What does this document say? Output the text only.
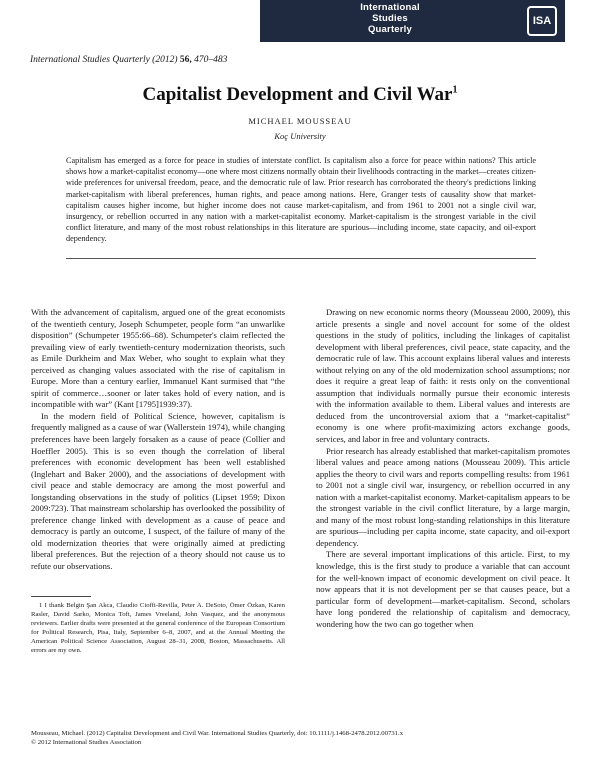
International
Studies
Quarterly
ISA
International Studies Quarterly (2012) 56, 470–483
Capitalist Development and Civil War$^1$
MICHAEL MOUSSEAU
Koç University
Capitalism has emerged as a force for peace in studies of interstate conflict. Is capitalism also a force for peace within nations? This article shows how a market-capitalist economy—one where most citizens normally obtain their livelihoods contracting in the market—creates citizen-wide preferences for universal freedom, peace, and the democratic rule of law. Prior research has corroborated the theory's predictions linking market-capitalism with liberal preferences, human rights, and peace among nations. Here, Granger tests of causality show that market-capitalism causes higher income, but higher income does not cause market-capitalism, and from 1961 to 2001 not a single civil war, insurgency, or rebellion occurred in any nation with a market-capitalist economy. Market-capitalism is the strongest variable in the civil conflict literature, and many of the most robust relationships in this literature are spurious—including income, state capacity, and oil-export dependency.

With the advancement of capitalism, argued one of the great economists of the twentieth century, Joseph Schumpeter, people form “an unwarlike disposition” (Schumpeter 1955:66–68). Schumpeter's claim reflected the prevailing view of early twentieth-century modernization theorists, such as Emile Durkheim and Max Weber, who sought to explain what they perceived as changing values associated with the rise of capitalism in Europe. More than a century earlier, Immanuel Kant surmised that “the spirit of commerce…sooner or later takes hold of every nation, and is incompatible with war” (Kant [1795]1939:37).

In the modern field of Political Science, however, capitalism is frequently maligned as a cause of war (Wallerstein 1974), while changing preferences have been largely forsaken as a cause of peace (Collier and Hoeffler 2005). This is so even though the correlation of liberal preferences with economic development has been well established (Inglehart and Baker 2000), and the associations of development with civil peace and stable democracy are among the most powerful and longstanding observations in the study of politics (Lipset 1959; Dixon 2009:723). That mainstream scholarship has overlooked the possibility of preference change linked with development as a cause of peace and democracy is partly an outcome, I suspect, of the failure of many of the old modernization theories that were originally aimed at predicting liberal preferences. But the rejection of a theory should not cause us to refute our observations.

1 I thank Belgin Şan Akca, Claudio Cioffi-Revilla, Peter A. DeSoto, Ömer Özkan, Karen Rasler, David Sarko, Monica Toft, James Vreeland, John Vasquez, and the anonymous reviewers. Earlier drafts were presented at the general conference of the European Consortium for Political Research, Pisa, Italy, September 6–8, 2007, and at the Annual Meeting the American Political Science Association, August 28–31, 2008, Boston, Massachusetts. All errors are my own.

Drawing on new economic norms theory (Mousseau 2000, 2009), this article presents a single and novel account for some of the oldest questions in the study of politics, including the linkages of capitalist development with liberal preferences, civil peace, state capacity, and the democratic rule of law. This account explains liberal values and interests without relying on any of the old modernization school assumptions; nor does it require a great leap of faith: it rests only on the conventional assumption that individuals normally pursue their economic interests with the information available to them. Liberal values and interests are deduced from the uncontroversial axiom that a “market-capitalist” economy is one where profit-maximizing actors exchange goods, services, and labor in free and voluntary contracts.

Prior research has already established that market-capitalism promotes liberal values and peace among nations (Mousseau 2009). This article applies the theory to civil wars and reports compelling results: from 1961 to 2001 not a single civil war, insurgency, or rebellion occurred in any nation with a market-capitalist economy. Market-capitalism appears to be the strongest variable in the civil conflict literature, by a large margin, and many of the most robust long-standing relationships in this literature are spurious—including per capita income, state capacity, and oil-export dependency.

There are several important implications of this article. First, to my knowledge, this is the first study to produce a variable that can account for the well-known impact of economic development on civil peace. It now appears that it is not development per se that causes peace, but a particular form of development—market-capitalism. Second, scholars have long pondered the relationship of capitalism and democracy, wondering how the two can go together when

Mousseau, Michael. (2012) Capitalist Development and Civil War. International Studies Quarterly, doi: 10.1111/j.1468-2478.2012.00731.x
© 2012 International Studies Association
